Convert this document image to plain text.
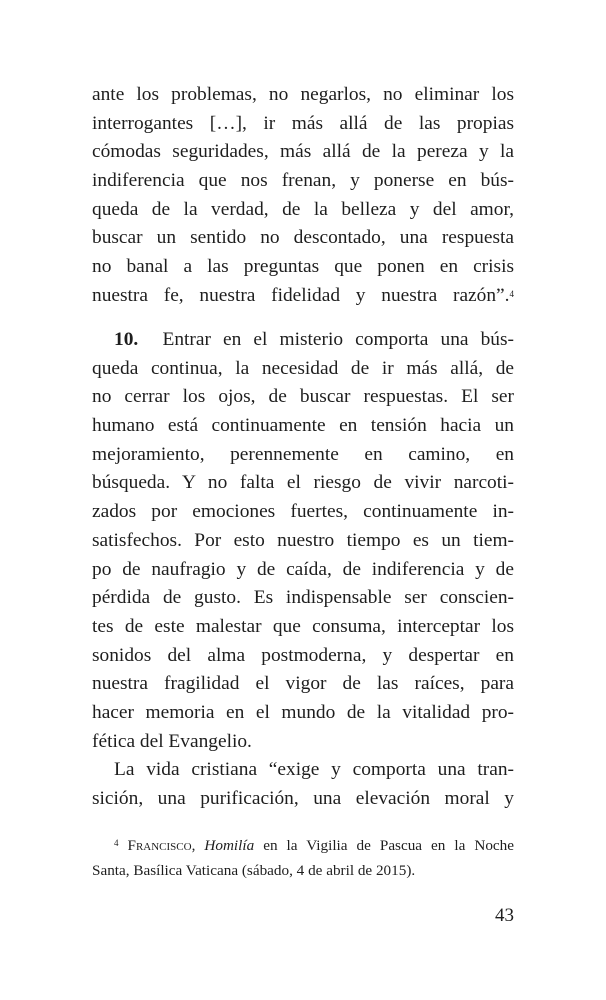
ante los problemas, no negarlos, no eliminar los
interrogantes […], ir más allá de las propias
cómodas seguridades, más allá de la pereza y la
indiferencia que nos frenan, y ponerse en bús-
queda de la verdad, de la belleza y del amor,
buscar un sentido no descontado, una respuesta
no banal a las preguntas que ponen en crisis
nuestra fe, nuestra fidelidad y nuestra razón”.$^4$
10. Entrar en el misterio comporta una bús-
queda continua, la necesidad de ir más allá, de
no cerrar los ojos, de buscar respuestas. El ser
humano está continuamente en tensión hacia un
mejoramiento, perennemente en camino, en
búsqueda. Y no falta el riesgo de vivir narcoti-
zados por emociones fuertes, continuamente in-
satisfechos. Por esto nuestro tiempo es un tiem-
po de naufragio y de caída, de indiferencia y de
pérdida de gusto. Es indispensable ser conscien-
tes de este malestar que consuma, interceptar los
sonidos del alma postmoderna, y despertar en
nuestra fragilidad el vigor de las raíces, para
hacer memoria en el mundo de la vitalidad pro-
fética del Evangelio.
La vida cristiana “exige y comporta una tran-
sición, una purificación, una elevación moral y
$^4$ Francisco, Homilía en la Vigilia de Pascua en la Noche
Santa, Basílica Vaticana (sábado, 4 de abril de 2015).
43
